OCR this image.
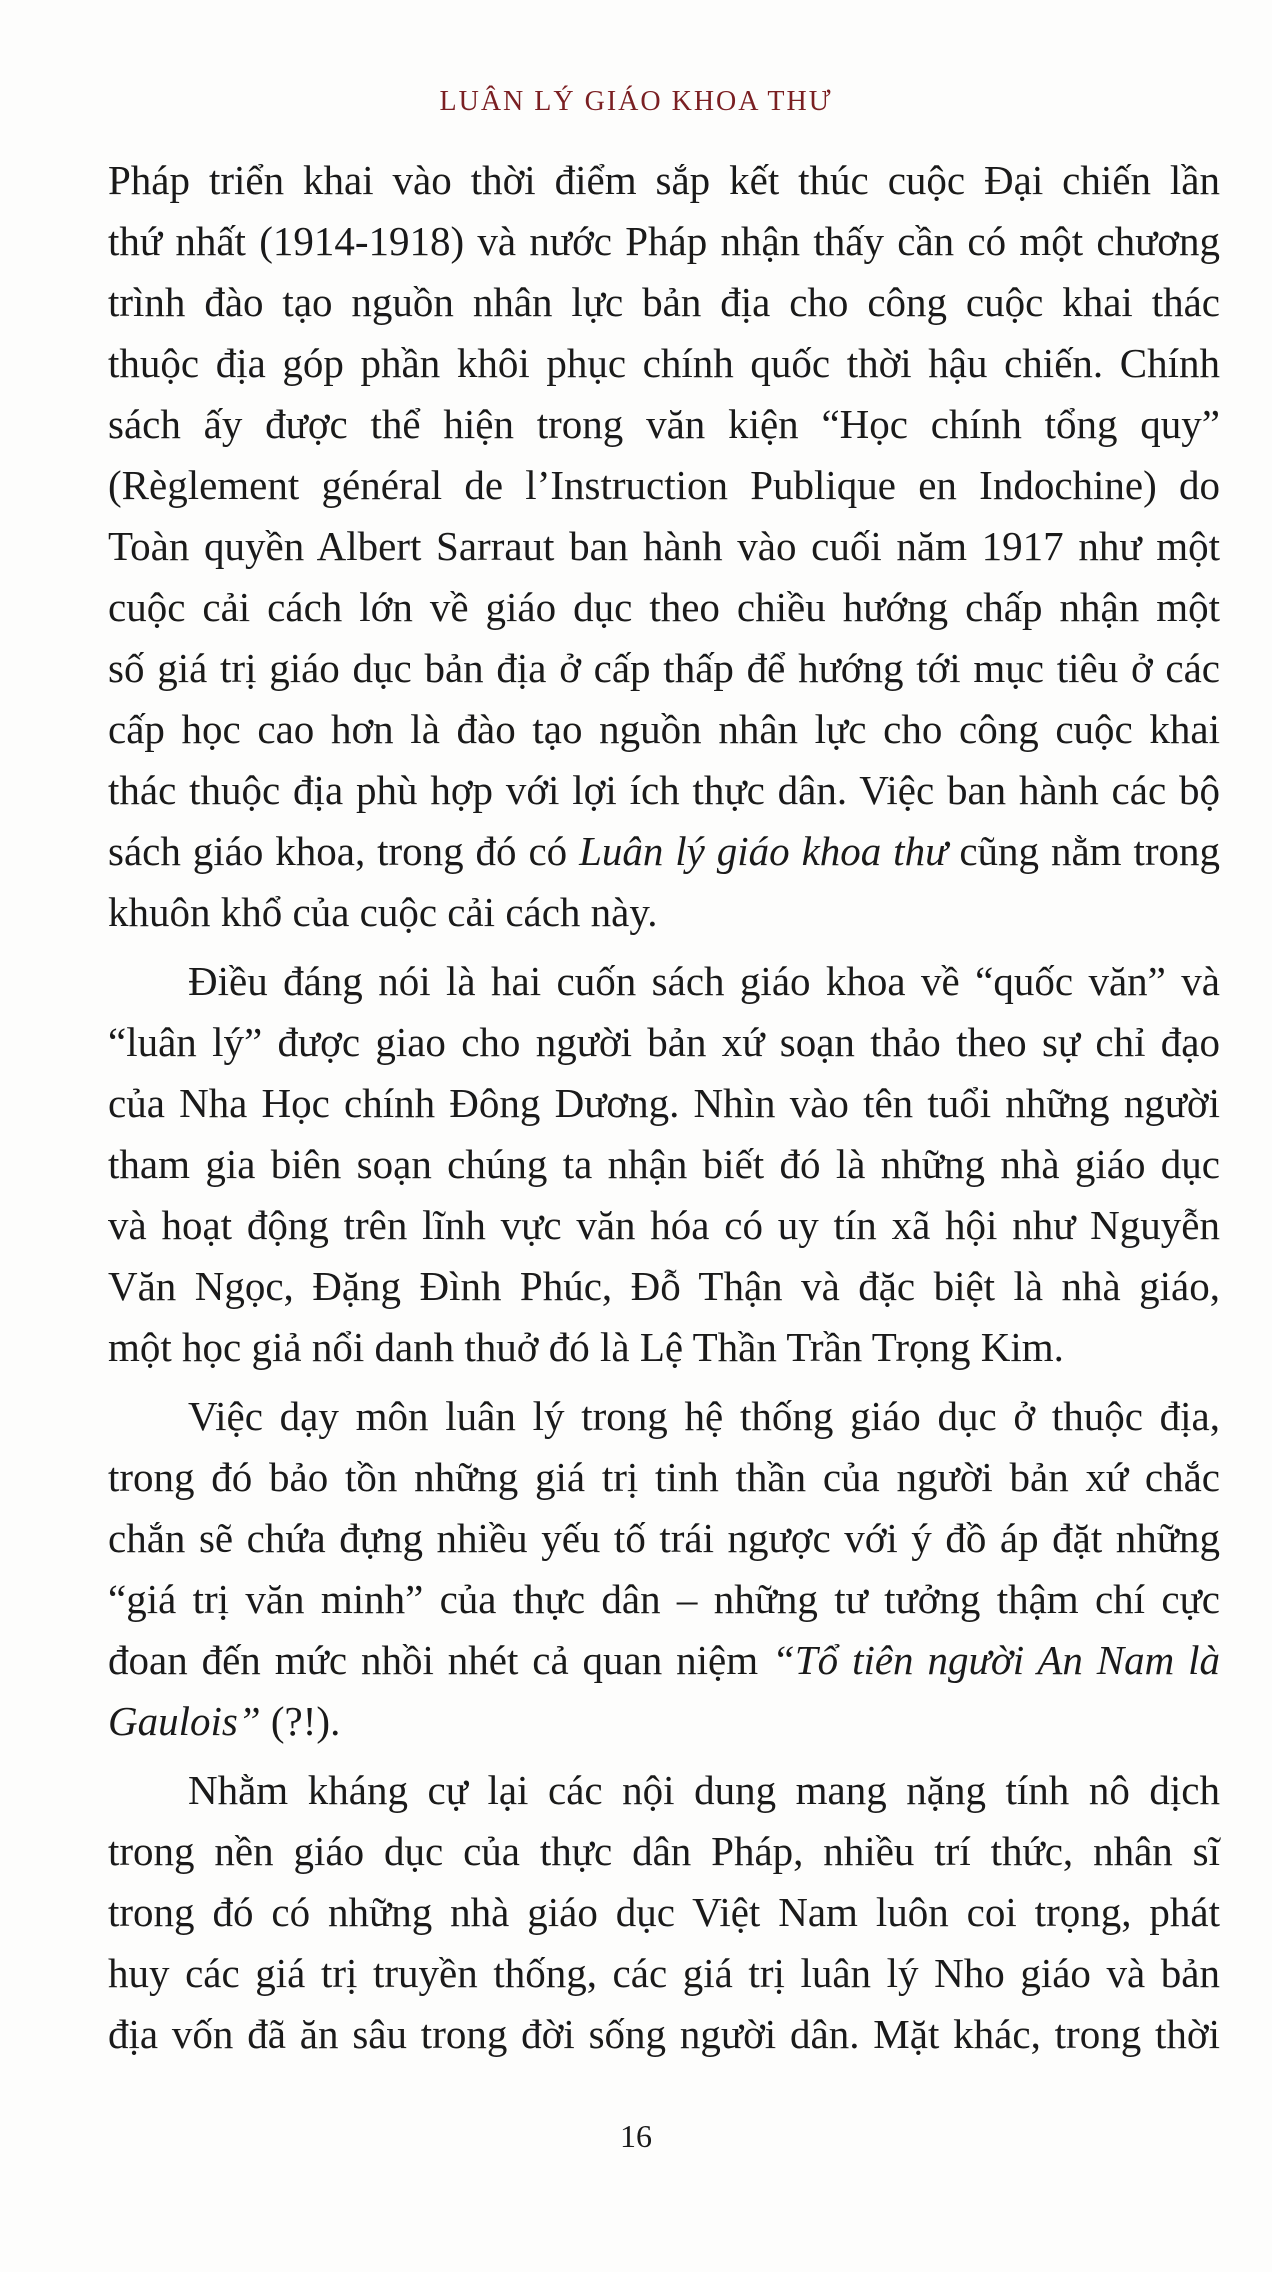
LUÂN LÝ GIÁO KHOA THƯ
Pháp triển khai vào thời điểm sắp kết thúc cuộc Đại chiến lần
thứ nhất (1914-1918) và nước Pháp nhận thấy cần có một chương
trình đào tạo nguồn nhân lực bản địa cho công cuộc khai thác
thuộc địa góp phần khôi phục chính quốc thời hậu chiến. Chính
sách ấy được thể hiện trong văn kiện “Học chính tổng quy”
(Règlement général de l’Instruction Publique en Indochine) do
Toàn quyền Albert Sarraut ban hành vào cuối năm 1917 như một
cuộc cải cách lớn về giáo dục theo chiều hướng chấp nhận một
số giá trị giáo dục bản địa ở cấp thấp để hướng tới mục tiêu ở các
cấp học cao hơn là đào tạo nguồn nhân lực cho công cuộc khai
thác thuộc địa phù hợp với lợi ích thực dân. Việc ban hành các bộ
sách giáo khoa, trong đó có Luân lý giáo khoa thư cũng nằm trong
khuôn khổ của cuộc cải cách này.
Điều đáng nói là hai cuốn sách giáo khoa về “quốc văn” và
“luân lý” được giao cho người bản xứ soạn thảo theo sự chỉ đạo
của Nha Học chính Đông Dương. Nhìn vào tên tuổi những người
tham gia biên soạn chúng ta nhận biết đó là những nhà giáo dục
và hoạt động trên lĩnh vực văn hóa có uy tín xã hội như Nguyễn
Văn Ngọc, Đặng Đình Phúc, Đỗ Thận và đặc biệt là nhà giáo,
một học giả nổi danh thuở đó là Lệ Thần Trần Trọng Kim.
Việc dạy môn luân lý trong hệ thống giáo dục ở thuộc địa,
trong đó bảo tồn những giá trị tinh thần của người bản xứ chắc
chắn sẽ chứa đựng nhiều yếu tố trái ngược với ý đồ áp đặt những
“giá trị văn minh” của thực dân – những tư tưởng thậm chí cực
đoan đến mức nhồi nhét cả quan niệm “Tổ tiên người An Nam là
Gaulois” (?!).
Nhằm kháng cự lại các nội dung mang nặng tính nô dịch
trong nền giáo dục của thực dân Pháp, nhiều trí thức, nhân sĩ
trong đó có những nhà giáo dục Việt Nam luôn coi trọng, phát
huy các giá trị truyền thống, các giá trị luân lý Nho giáo và bản
địa vốn đã ăn sâu trong đời sống người dân. Mặt khác, trong thời
16
